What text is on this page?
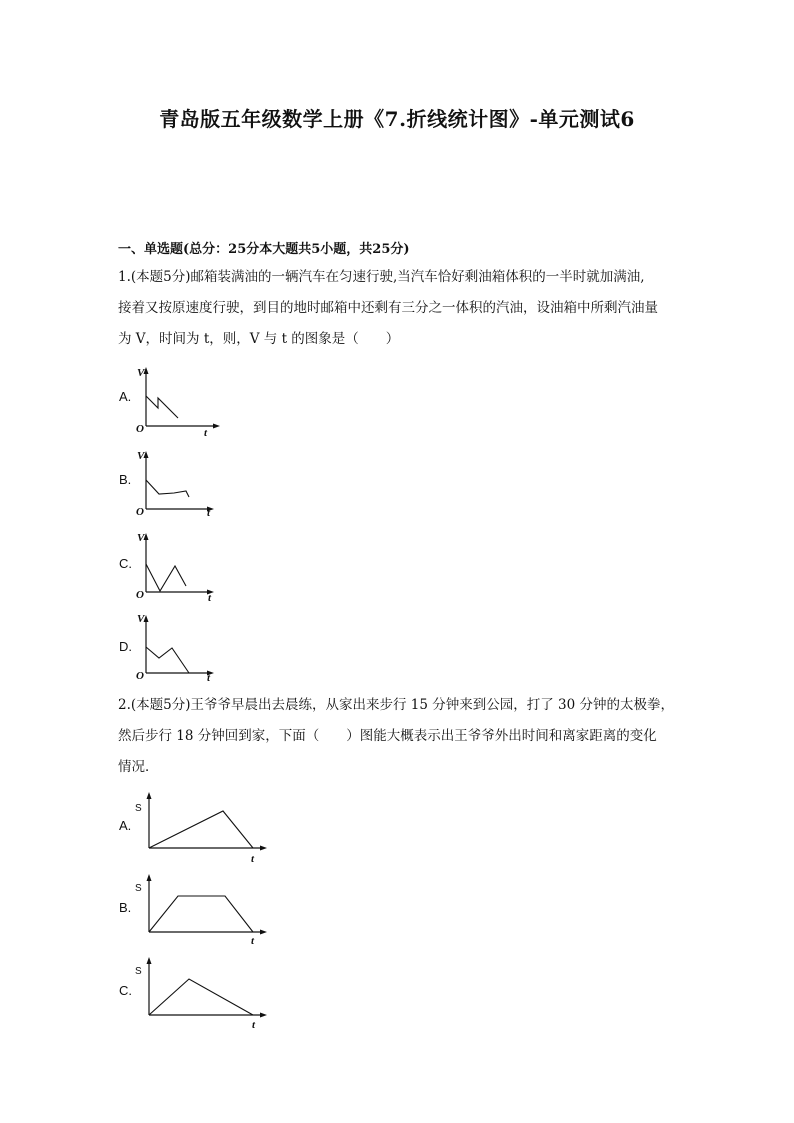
青岛版五年级数学上册《7.折线统计图》-单元测试6
一、单选题(总分：25分本大题共5小题，共25分)
1.(本题5分)邮箱装满油的一辆汽车在匀速行驶,当汽车恰好剩油箱体积的一半时就加满油,
接着又按原速度行驶，到目的地时邮箱中还剩有三分之一体积的汽油，设油箱中所剩汽油量
为 V，时间为 t，则，V 与 t 的图象是（　　）
A.
V
O	t
B.
V
O	t
C.
V
O	t
D.
V
O	t
2.(本题5分)王爷爷早晨出去晨练，从家出来步行 15 分钟来到公园，打了 30 分钟的太极拳，
然后步行 18 分钟回到家，下面（　　）图能大概表示出王爷爷外出时间和离家距离的变化
情况．
A.
S
t
B.
S
t
C.
S
t
